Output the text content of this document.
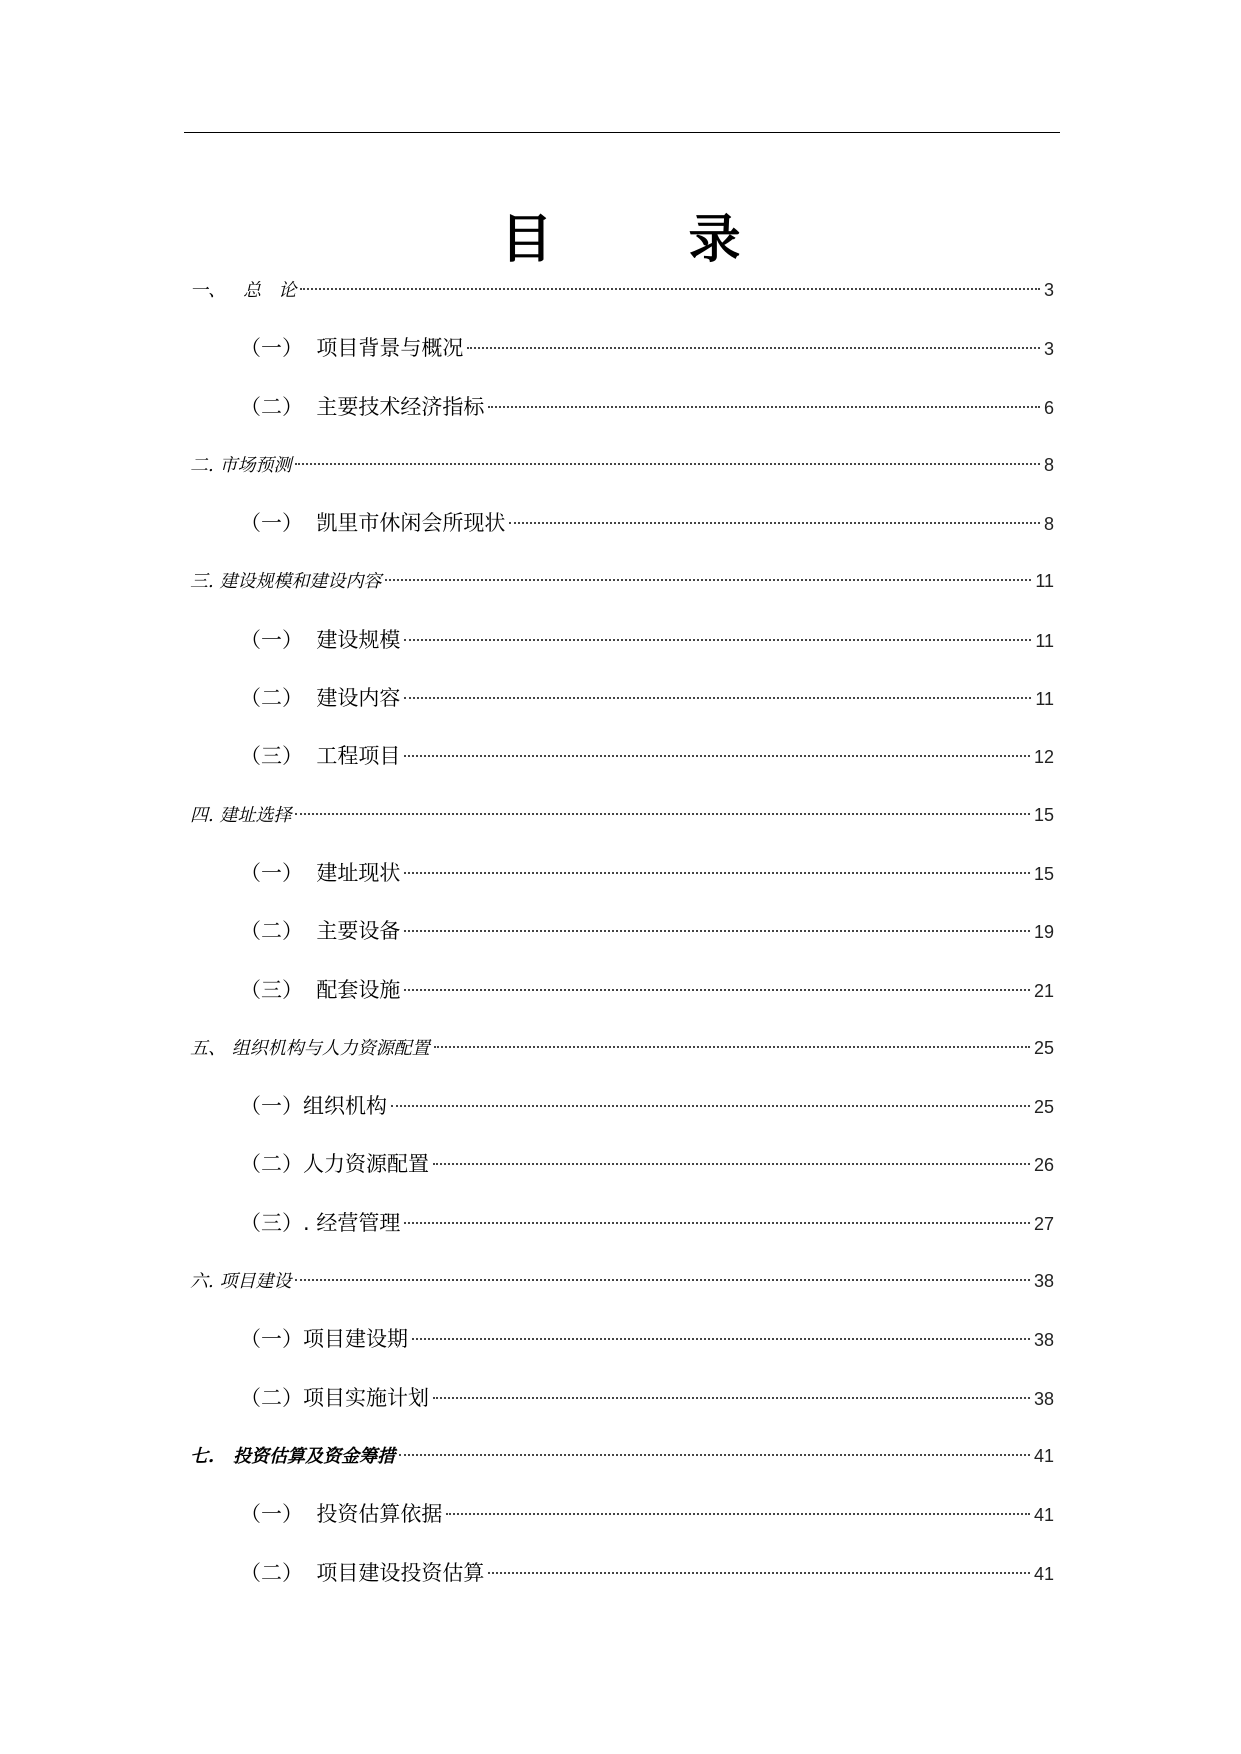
目　录
一、   总   论	3
（一）  项目背景与概况	3
（二）  主要技术经济指标	6
二. 市场预测	8
（一）  凯里市休闲会所现状	8
三. 建设规模和建设内容	11
（一）  建设规模	11
（二）  建设内容	11
（三）  工程项目	12
四. 建址选择	15
（一）  建址现状	15
（二）  主要设备	19
（三）  配套设施	21
五、 组织机构与人力资源配置	25
（一）组织机构	25
（二）人力资源配置	26
（三）. 经营管理	27
六. 项目建设	38
（一）项目建设期	38
（二）项目实施计划	38
七.   投资估算及资金筹措	41
（一）  投资估算依据	41
（二）  项目建设投资估算	41
